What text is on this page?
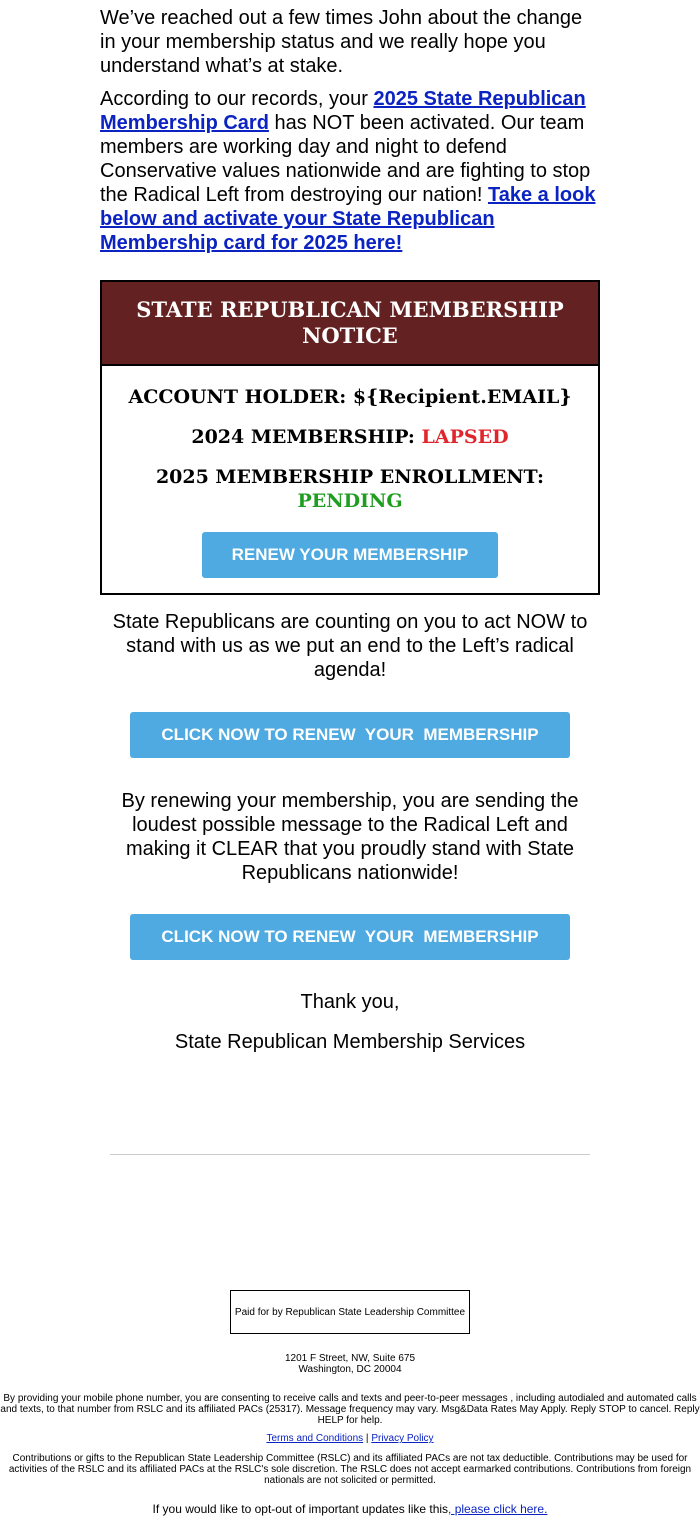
We’ve reached out a few times John about the change in your membership status and we really hope you understand what’s at stake.

According to our records, your 2025 State Republican Membership Card has NOT been activated. Our team members are working day and night to defend Conservative values nationwide and are fighting to stop the Radical Left from destroying our nation! Take a look below and activate your State Republican Membership card for 2025 here!

STATE REPUBLICAN MEMBERSHIP NOTICE
ACCOUNT HOLDER: ${Recipient.EMAIL}
2024 MEMBERSHIP: LAPSED
2025 MEMBERSHIP ENROLLMENT:
PENDING
RENEW YOUR MEMBERSHIP
State Republicans are counting on you to act NOW to stand with us as we put an end to the Left’s radical agenda!
CLICK NOW TO RENEW  YOUR  MEMBERSHIP
By renewing your membership, you are sending the loudest possible message to the Radical Left and making it CLEAR that you proudly stand with State Republicans nationwide!
CLICK NOW TO RENEW  YOUR  MEMBERSHIP
Thank you,
State Republican Membership Services
Paid for by Republican State Leadership Committee
1201 F Street, NW, Suite 675
Washington, DC 20004
By providing your mobile phone number, you are consenting to receive calls and texts and peer-to-peer messages , including autodialed and automated calls and texts, to that number from RSLC and its affiliated PACs (25317). Message frequency may vary. Msg&Data Rates May Apply. Reply STOP to cancel. Reply HELP for help.
Terms and Conditions | Privacy Policy
Contributions or gifts to the Republican State Leadership Committee (RSLC) and its affiliated PACs are not tax deductible. Contributions may be used for activities of the RSLC and its affiliated PACs at the RSLC's sole discretion. The RSLC does not accept earmarked contributions. Contributions from foreign nationals are not solicited or permitted.
If you would like to opt-out of important updates like this, please click here.
